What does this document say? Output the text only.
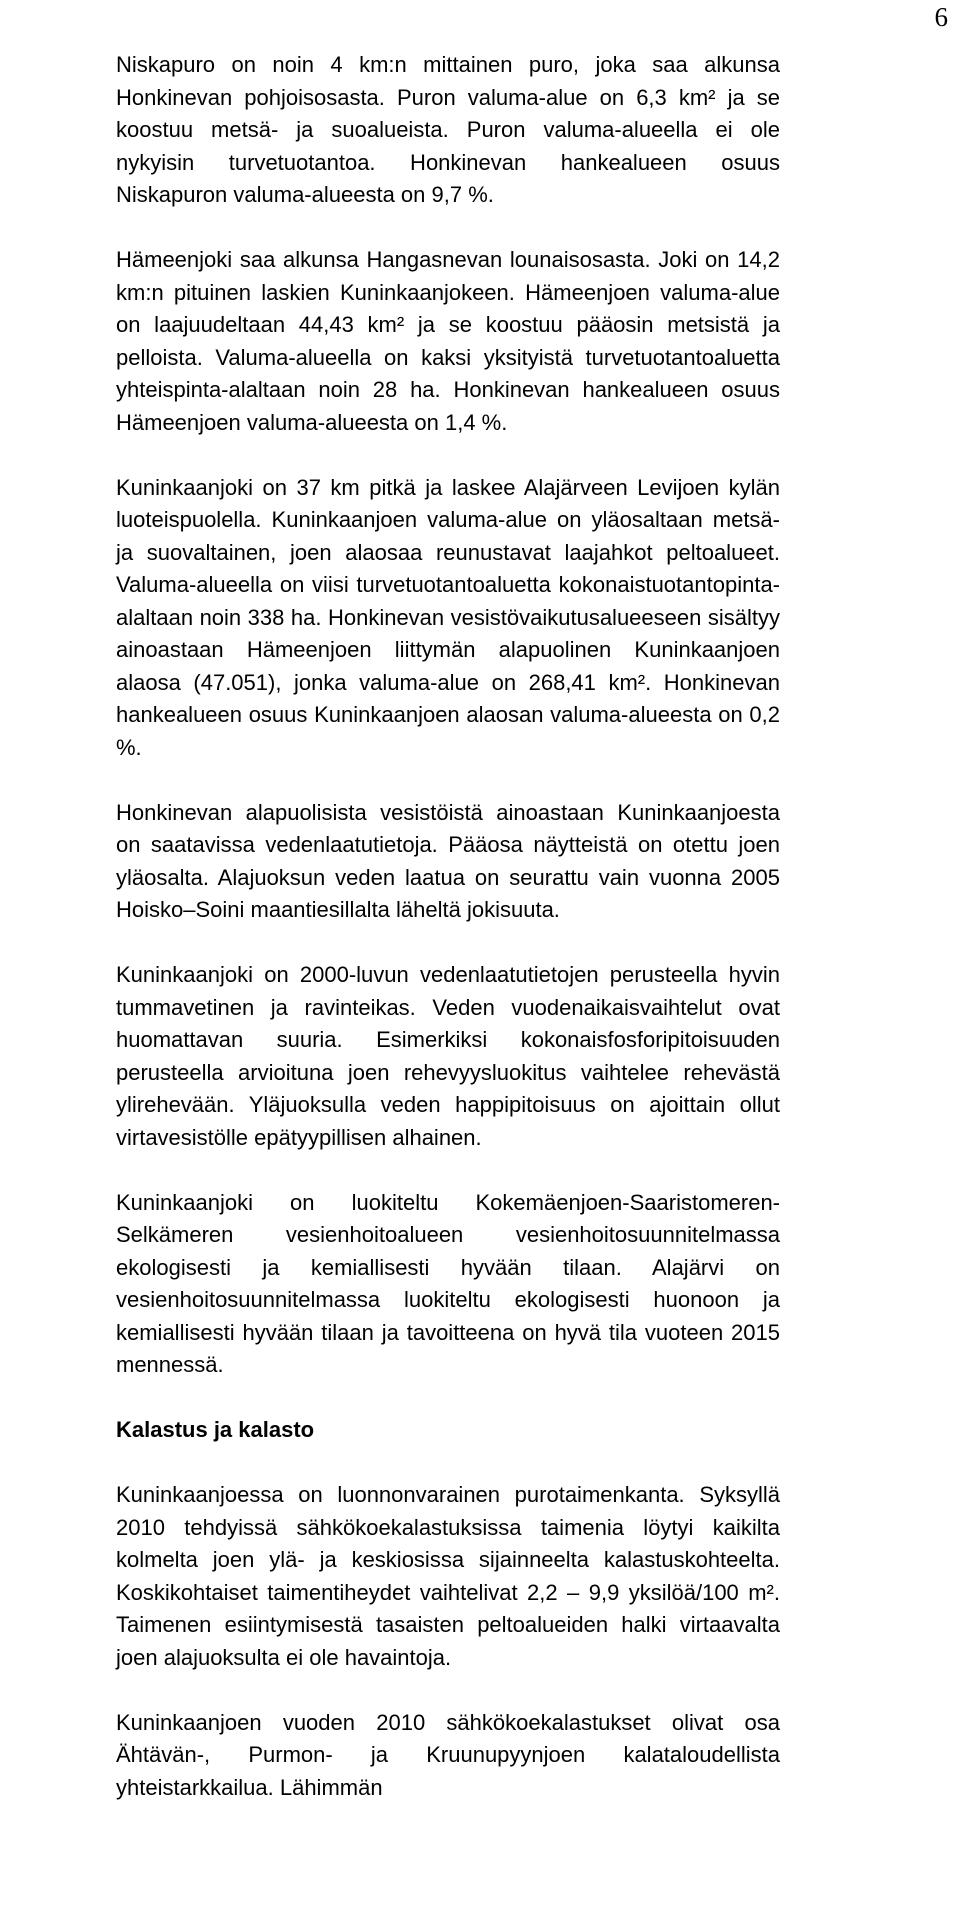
6

Niskapuro on noin 4 km:n mittainen puro, joka saa alkunsa Honkinevan pohjoisosasta. Puron valuma-alue on 6,3 km² ja se koostuu metsä- ja suoalueista. Puron valuma-alueella ei ole nykyisin turvetuotantoa. Honkinevan hankealueen osuus Niskapuron valuma-alueesta on 9,7 %.

Hämeenjoki saa alkunsa Hangasnevan lounaisosasta. Joki on 14,2 km:n pituinen laskien Kuninkaanjokeen. Hämeenjoen valuma-alue on laajuudeltaan 44,43 km² ja se koostuu pääosin metsistä ja pelloista. Valuma-alueella on kaksi yksityistä turvetuotantoaluetta yhteispinta-alaltaan noin 28 ha. Honkinevan hankealueen osuus Hämeenjoen valuma-alueesta on 1,4 %.

Kuninkaanjoki on 37 km pitkä ja laskee Alajärveen Levijoen kylän luoteispuolella. Kuninkaanjoen valuma-alue on yläosaltaan metsä- ja suovaltainen, joen alaosaa reunustavat laajahkot peltoalueet. Valuma-alueella on viisi turvetuotantoaluetta kokonaistuotantopinta-alaltaan noin 338 ha. Honkinevan vesistövaikutusalueeseen sisältyy ainoastaan Hämeenjoen liittymän alapuolinen Kuninkaanjoen alaosa (47.051), jonka valuma-alue on 268,41 km². Honkinevan hankealueen osuus Kuninkaanjoen alaosan valuma-alueesta on 0,2 %.

Honkinevan alapuolisista vesistöistä ainoastaan Kuninkaanjoesta on saatavissa vedenlaatutietoja. Pääosa näytteistä on otettu joen yläosalta. Alajuoksun veden laatua on seurattu vain vuonna 2005 Hoisko–Soini maantiesillalta läheltä jokisuuta.

Kuninkaanjoki on 2000-luvun vedenlaatutietojen perusteella hyvin tummavetinen ja ravinteikas. Veden vuodenaikaisvaihtelut ovat huomattavan suuria. Esimerkiksi kokonaisfosforipitoisuuden perusteella arvioituna joen rehevyysluokitus vaihtelee rehevästä ylirehevään. Yläjuoksulla veden happipitoisuus on ajoittain ollut virtavesistölle epätyypillisen alhainen.

Kuninkaanjoki on luokiteltu Kokemäenjoen-Saaristomeren-Selkämeren vesienhoitoalueen vesienhoitosuunnitelmassa ekologisesti ja kemiallisesti hyvään tilaan. Alajärvi on vesienhoitosuunnitelmassa luokiteltu ekologisesti huonoon ja kemiallisesti hyvään tilaan ja tavoitteena on hyvä tila vuoteen 2015 mennessä.

Kalastus ja kalasto

Kuninkaanjoessa on luonnonvarainen purotaimenkanta. Syksyllä 2010 tehdyissä sähkökoekalastuksissa taimenia löytyi kaikilta kolmelta joen ylä- ja keskiosissa sijainneelta kalastuskohteelta. Koskikohtaiset taimentiheydet vaihtelivat 2,2 – 9,9 yksilöä/100 m². Taimenen esiintymisestä tasaisten peltoalueiden halki virtaavalta joen alajuoksulta ei ole havaintoja.

Kuninkaanjoen vuoden 2010 sähkökoekalastukset olivat osa Ähtävän-, Purmon- ja Kruunupyynjoen kalataloudellista yhteistarkkailua. Lähimmän
